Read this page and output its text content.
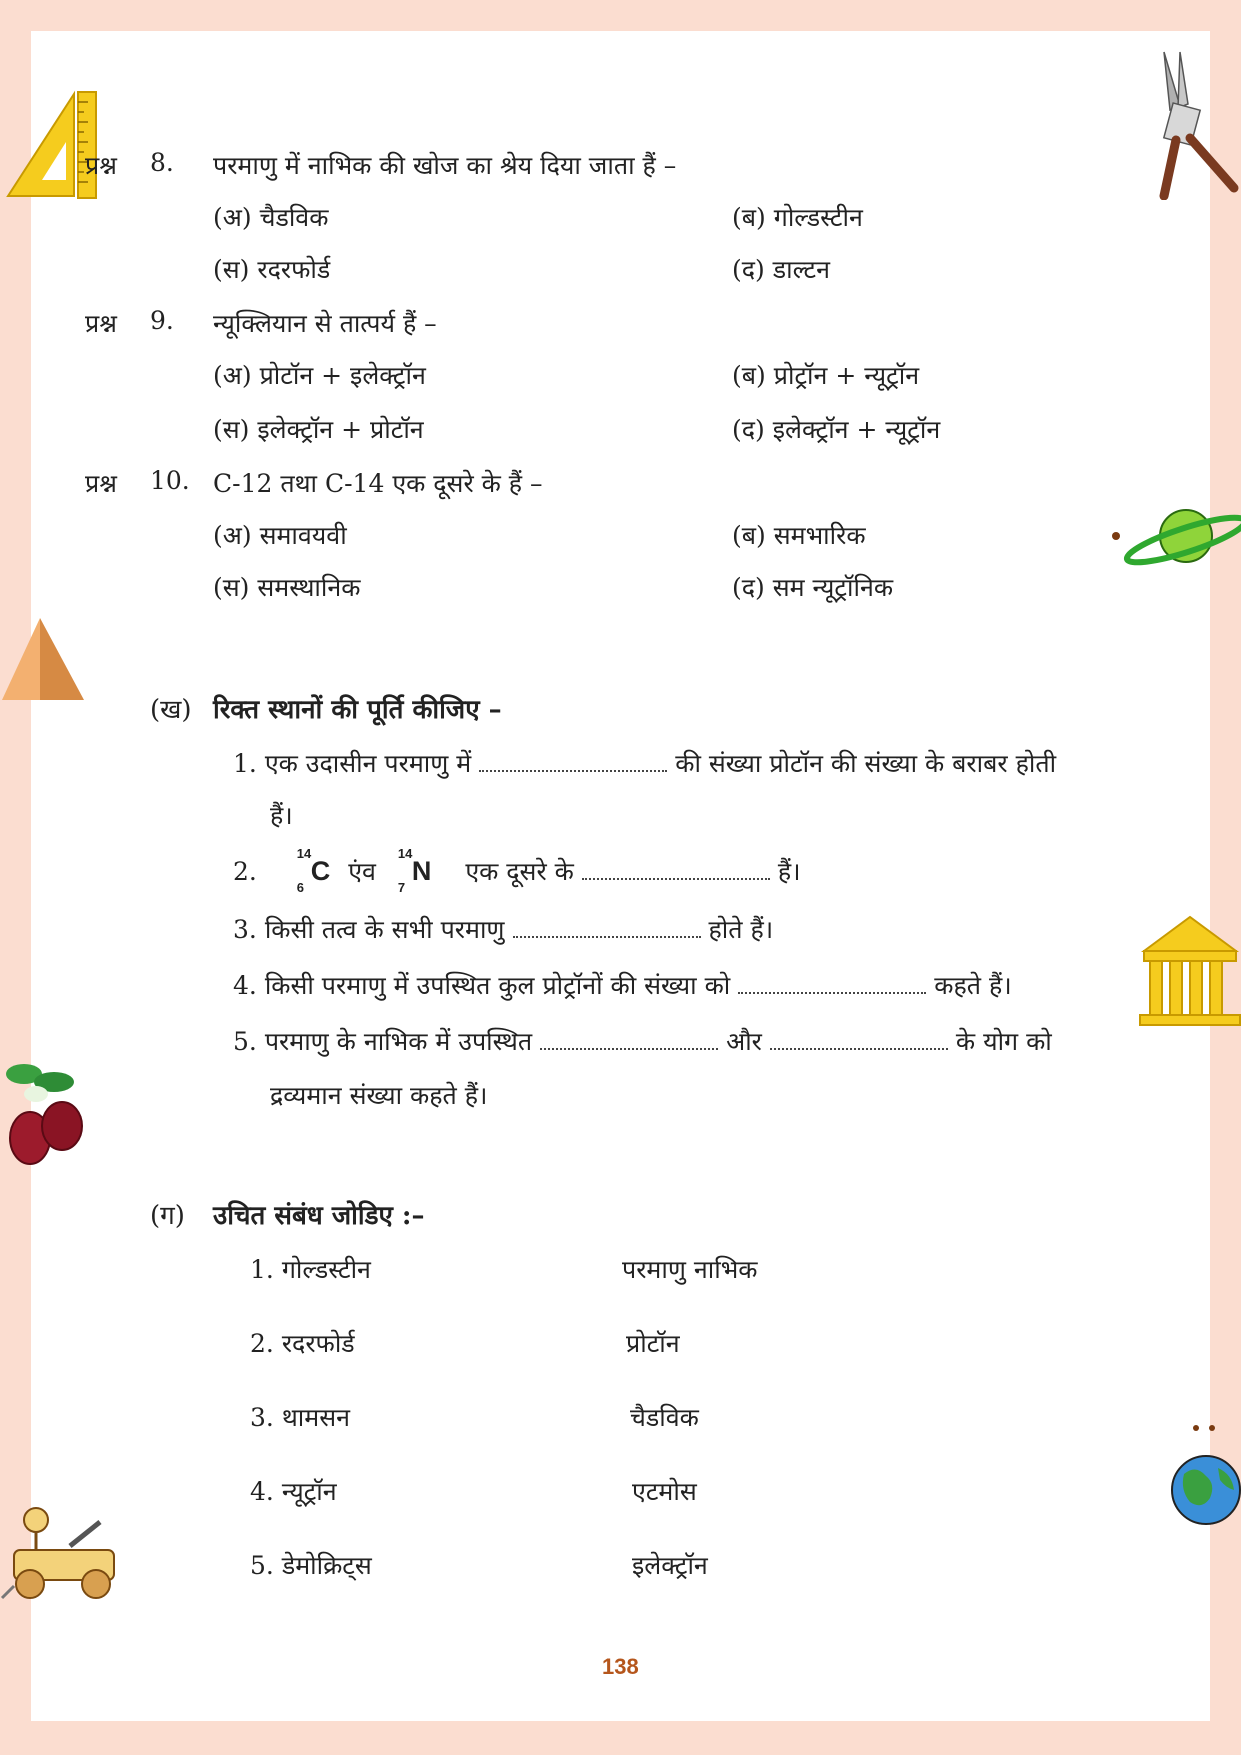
प्रश्न 8. परमाणु में नाभिक की खोज का श्रेय दिया जाता हैं –
(अ) चैडविक	(ब) गोल्डस्टीन
(स) रदरफोर्ड	(द) डाल्टन
प्रश्न 9. न्यूक्लियान से तात्पर्य हैं –
(अ) प्रोटॉन + इलेक्ट्रॉन	(ब) प्रोट्रॉन + न्यूट्रॉन
(स) इलेक्ट्रॉन + प्रोटॉन	(द) इलेक्ट्रॉन + न्यूट्रॉन
प्रश्न 10. C-12 तथा C-14 एक दूसरे के हैं –
(अ) समावयवी	(ब) समभारिक
(स) समस्थानिक	(द) सम न्यूट्रॉनिक
(ख) रिक्त स्थानों की पूर्ति कीजिए –
1. एक उदासीन परमाणु में	की संख्या प्रोटॉन की संख्या के बराबर होती
हैं।
2.
14
6
C एंव
14
7
N एक दूसरे के	हैं।
3. किसी तत्व के सभी परमाणु	होते हैं।
4. किसी परमाणु में उपस्थित कुल प्रोट्रॉनों की संख्या को	कहते हैं।
5. परमाणु के नाभिक में उपस्थित	और	के योग को
द्रव्यमान संख्या कहते हैं।
(ग) उचित संबंध जोडिए :–
1. गोल्डस्टीन	परमाणु नाभिक
2. रदरफोर्ड	प्रोटॉन
3. थामसन	चैडविक
4. न्यूट्रॉन	एटमोस
5. डेमोक्रिट्स	इलेक्ट्रॉन
138
